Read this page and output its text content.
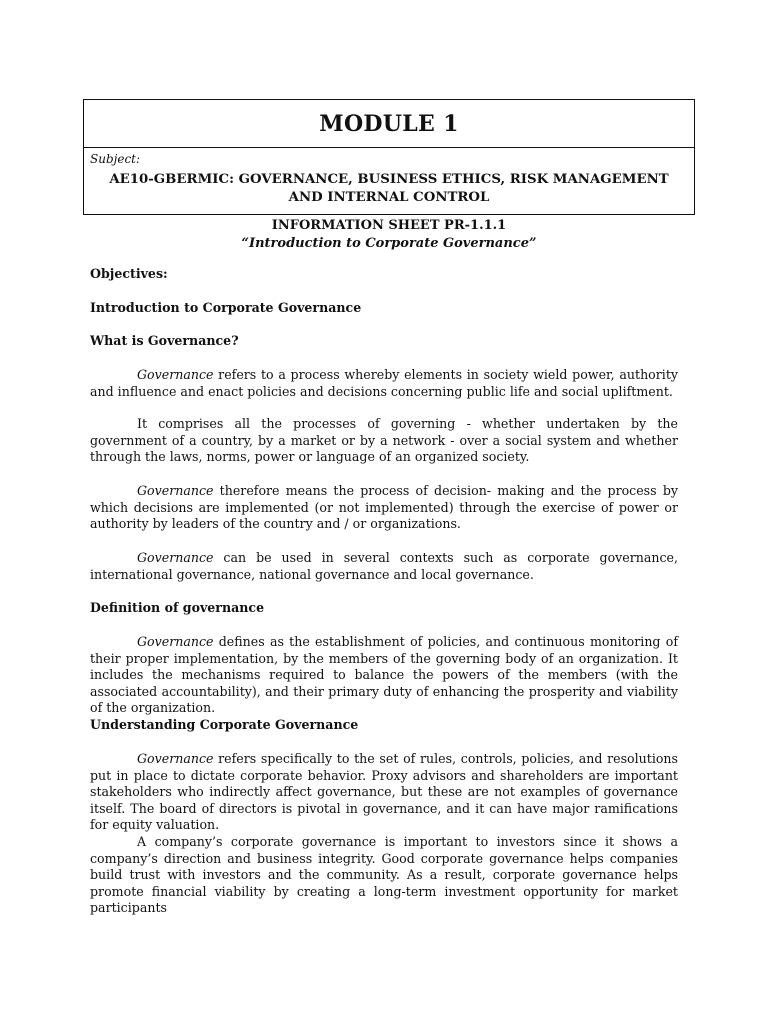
MODULE 1
Subject:
AE10-GBERMIC: GOVERNANCE, BUSINESS ETHICS, RISK MANAGEMENT AND INTERNAL CONTROL
INFORMATION SHEET PR-1.1.1
“Introduction to Corporate Governance”
Objectives:
Introduction to Corporate Governance
What is Governance?

Governance refers to a process whereby elements in society wield power, authority and influence and enact policies and decisions concerning public life and social upliftment.

It comprises all the processes of governing - whether undertaken by the government of a country, by a market or by a network - over a social system and whether through the laws, norms, power or language of an organized society.

Governance therefore means the process of decision- making and the process by which decisions are implemented (or not implemented) through the exercise of power or authority by leaders of the country and / or organizations.

Governance can be used in several contexts such as corporate governance, international governance, national governance and local governance.

Definition of governance

Governance defines as the establishment of policies, and continuous monitoring of their proper implementation, by the members of the governing body of an organization. It includes the mechanisms required to balance the powers of the members (with the associated accountability), and their primary duty of enhancing the prosperity and viability of the organization.

Understanding Corporate Governance

Governance refers specifically to the set of rules, controls, policies, and resolutions put in place to dictate corporate behavior. Proxy advisors and shareholders are important stakeholders who indirectly affect governance, but these are not examples of governance itself. The board of directors is pivotal in governance, and it can have major ramifications for equity valuation.

A company’s corporate governance is important to investors since it shows a company’s direction and business integrity. Good corporate governance helps companies build trust with investors and the community. As a result, corporate governance helps promote financial viability by creating a long-term investment opportunity for market participants
